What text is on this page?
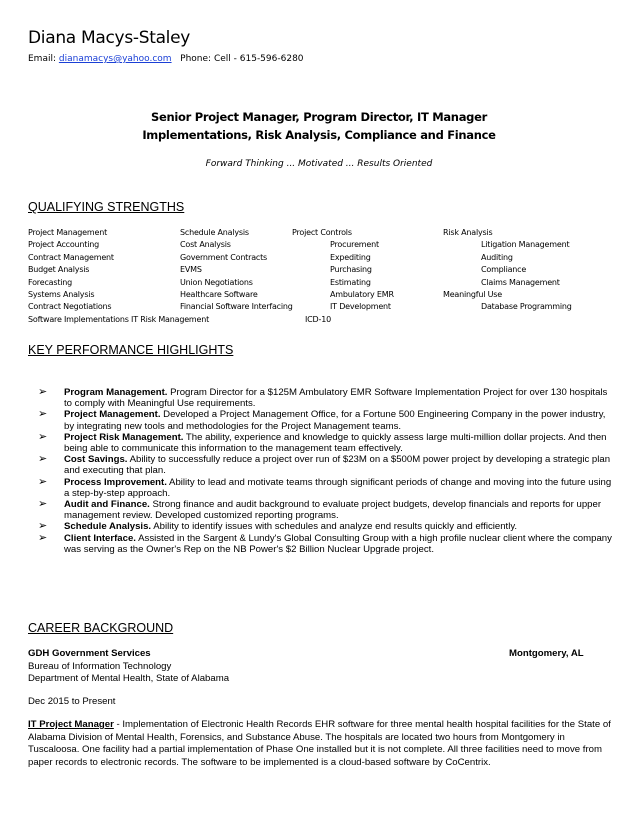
Diana Macys-Staley
Email: dianamacys@yahoo.com Phone: Cell - 615-596-6280
Senior Project Manager, Program Director, IT Manager
Implementations, Risk Analysis, Compliance and Finance
Forward Thinking ... Motivated ... Results Oriented
QUALIFYING STRENGTHS
Project Management	Schedule Analysis	Project Controls	Risk Analysis
Project Accounting	Cost Analysis	Procurement	Litigation Management
Contract Management	Government Contracts	Expediting	Auditing
Budget Analysis	EVMS	Purchasing	Compliance
Forecasting	Union Negotiations	Estimating	Claims Management
Systems Analysis	Healthcare Software	Ambulatory EMR	Meaningful Use
Contract Negotiations	Financial Software Interfacing	IT Development	Database Programming
Software Implementations IT Risk Management	ICD-10
KEY PERFORMANCE HIGHLIGHTS

➢ Program Management. Program Director for a $125M Ambulatory EMR Software Implementation Project for over 130 hospitals to comply with Meaningful Use requirements.

➢ Project Management. Developed a Project Management Office, for a Fortune 500 Engineering Company in the power industry, by integrating new tools and methodologies for the Project Management teams.

➢ Project Risk Management. The ability, experience and knowledge to quickly assess large multi-million dollar projects. And then being able to communicate this information to the management team effectively.

➢ Cost Savings. Ability to successfully reduce a project over run of $23M on a $500M power project by developing a strategic plan and executing that plan.

➢ Process Improvement. Ability to lead and motivate teams through significant periods of change and moving into the future using a step-by-step approach.

➢ Audit and Finance. Strong finance and audit background to evaluate project budgets, develop financials and reports for upper management review. Developed customized reporting programs.

➢ Schedule Analysis. Ability to identify issues with schedules and analyze end results quickly and efficiently.

➢ Client Interface. Assisted in the Sargent & Lundy's Global Consulting Group with a high profile nuclear client where the company was serving as the Owner's Rep on the NB Power's $2 Billion Nuclear Upgrade project.

CAREER BACKGROUND
GDH Government Services	Montgomery, AL
Bureau of Information Technology
Department of Mental Health, State of Alabama
Dec 2015 to Present
IT Project Manager - Implementation of Electronic Health Records EHR software for three mental health hospital facilities for the State of Alabama Division of Mental Health, Forensics, and Substance Abuse. The hospitals are located two hours from Montgomery in Tuscaloosa. One facility had a partial implementation of Phase One installed but it is not complete. All three facilities need to move from paper records to electronic records. The software to be implemented is a cloud-based software by CoCentrix.
